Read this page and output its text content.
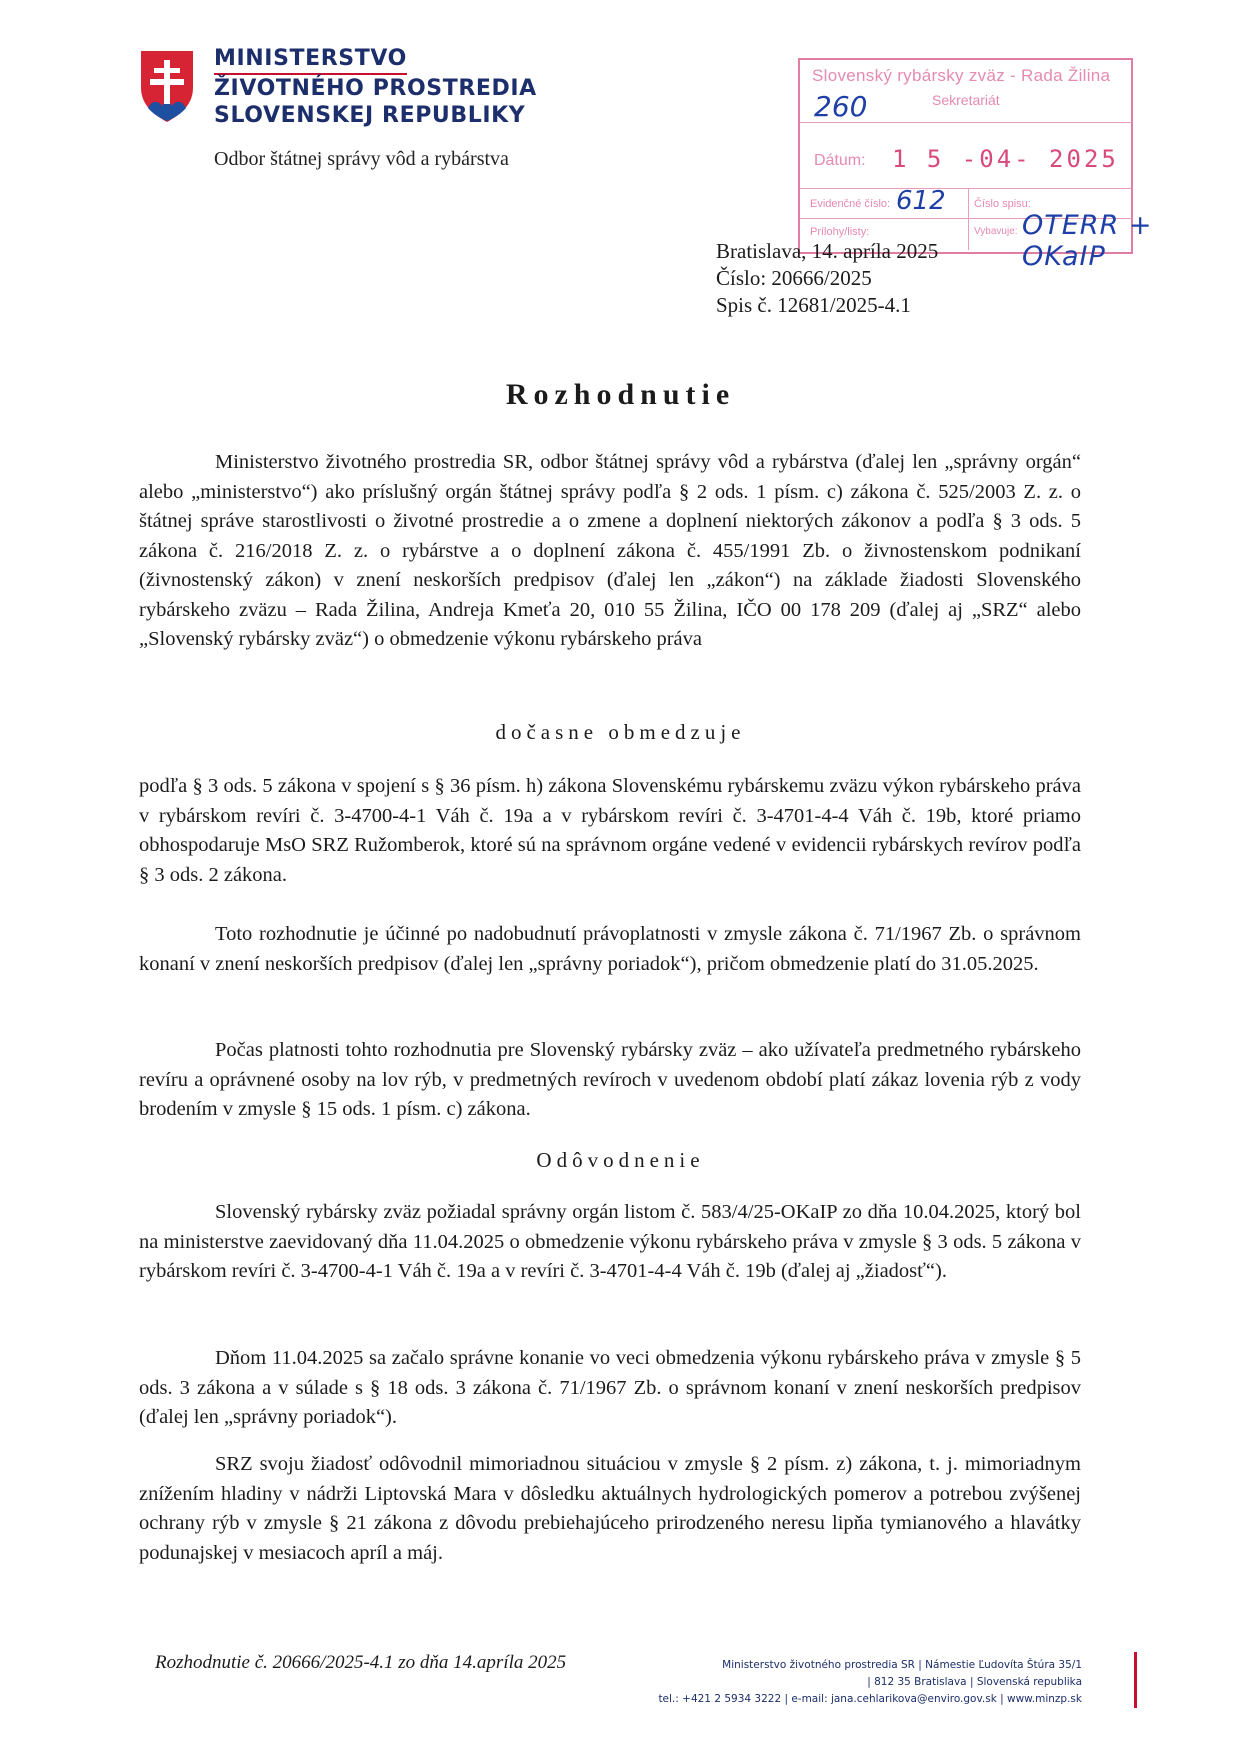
MINISTERSTVO
ŽIVOTNÉHO PROSTREDIA
SLOVENSKEJ REPUBLIKY
Odbor štátnej správy vôd a rybárstva
Slovenský rybársky zväz - Rada Žilina
Sekretariát
260
Dátum: 1 5 -04- 2025
Evidenčné číslo: 612	Číslo spisu:
Prílohy/listy:	Vybavuje: OTERR + OKaIP
Bratislava, 14. apríla 2025
Číslo: 20666/2025
Spis č. 12681/2025-4.1
Rozhodnutie
Ministerstvo životného prostredia SR, odbor štátnej správy vôd a rybárstva (ďalej len „správny orgán“ alebo „ministerstvo“) ako príslušný orgán štátnej správy podľa § 2 ods. 1 písm. c) zákona č. 525/2003 Z. z. o štátnej správe starostlivosti o životné prostredie a o zmene a doplnení niektorých zákonov a podľa § 3 ods. 5 zákona č. 216/2018 Z. z. o rybárstve a o doplnení zákona č. 455/1991 Zb. o živnostenskom podnikaní (živnostenský zákon) v znení neskorších predpisov (ďalej len „zákon“) na základe žiadosti Slovenského rybárskeho zväzu – Rada Žilina, Andreja Kmeťa 20, 010 55 Žilina, IČO 00 178 209 (ďalej aj „SRZ“ alebo „Slovenský rybársky zväz“) o obmedzenie výkonu rybárskeho práva
dočasne obmedzuje
podľa § 3 ods. 5 zákona v spojení s § 36 písm. h) zákona Slovenskému rybárskemu zväzu výkon rybárskeho práva v rybárskom revíri č. 3-4700-4-1 Váh č. 19a a v rybárskom revíri č. 3-4701-4-4 Váh č. 19b, ktoré priamo obhospodaruje MsO SRZ Ružomberok, ktoré sú na správnom orgáne vedené v evidencii rybárskych revírov podľa § 3 ods. 2 zákona.
Toto rozhodnutie je účinné po nadobudnutí právoplatnosti v zmysle zákona č. 71/1967 Zb. o správnom konaní v znení neskorších predpisov (ďalej len „správny poriadok“), pričom obmedzenie platí do 31.05.2025.
Počas platnosti tohto rozhodnutia pre Slovenský rybársky zväz – ako užívateľa predmetného rybárskeho revíru a oprávnené osoby na lov rýb, v predmetných revíroch v uvedenom období platí zákaz lovenia rýb z vody brodením v zmysle § 15 ods. 1 písm. c) zákona.
Odôvodnenie
Slovenský rybársky zväz požiadal správny orgán listom č. 583/4/25-OKaIP zo dňa 10.04.2025, ktorý bol na ministerstve zaevidovaný dňa 11.04.2025 o obmedzenie výkonu rybárskeho práva v zmysle § 3 ods. 5 zákona v rybárskom revíri č. 3-4700-4-1 Váh č. 19a a v revíri č. 3-4701-4-4 Váh č. 19b (ďalej aj „žiadosť“).
Dňom 11.04.2025 sa začalo správne konanie vo veci obmedzenia výkonu rybárskeho práva v zmysle § 5 ods. 3 zákona a v súlade s § 18 ods. 3 zákona č. 71/1967 Zb. o správnom konaní v znení neskorších predpisov (ďalej len „správny poriadok“).
SRZ svoju žiadosť odôvodnil mimoriadnou situáciou v zmysle § 2 písm. z) zákona, t. j. mimoriadnym znížením hladiny v nádrži Liptovská Mara v dôsledku aktuálnych hydrologických pomerov a potrebou zvýšenej ochrany rýb v zmysle § 21 zákona z dôvodu prebiehajúceho prirodzeného neresu lipňa tymianového a hlavátky podunajskej v mesiacoch apríl a máj.
Rozhodnutie č. 20666/2025-4.1 zo dňa 14.apríla 2025	Ministerstvo životného prostredia SR | Námestie Ľudovíta Štúra 35/1
| 812 35 Bratislava | Slovenská republika
tel.: +421 2 5934 3222 | e-mail: jana.cehlarikova@enviro.gov.sk | www.minzp.sk
